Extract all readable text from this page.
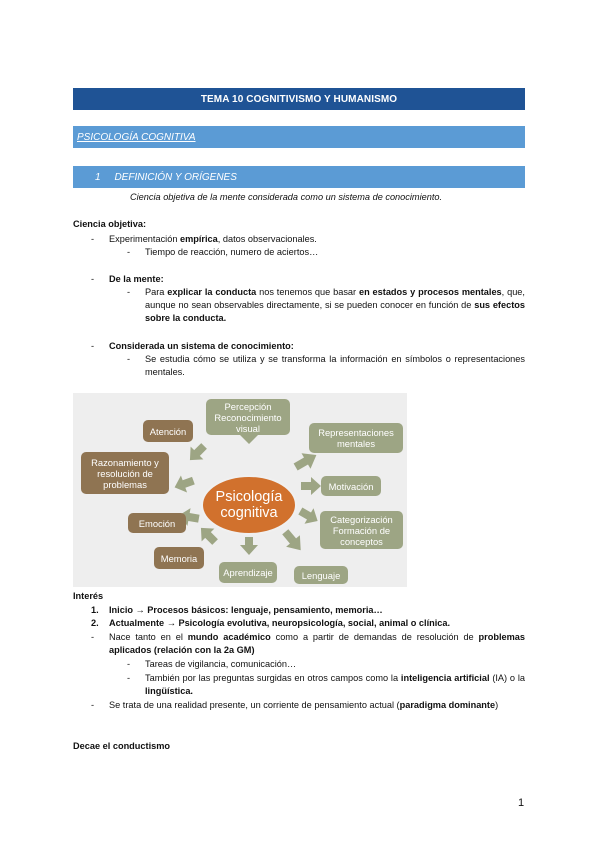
TEMA 10 COGNITIVISMO Y HUMANISMO
PSICOLOGÍA COGNITIVA
1     DEFINICIÓN Y ORÍGENES
Ciencia objetiva de la mente considerada como un sistema de conocimiento.
Ciencia objetiva:
- Experimentación empírica, datos observacionales.
- Tiempo de reacción, numero de aciertos…
- De la mente:
- Para explicar la conducta nos tenemos que basar en estados y procesos mentales, que, aunque no sean observables directamente, si se pueden conocer en función de sus efectos sobre la conducta.
- Considerada un sistema de conocimiento:
- Se estudia cómo se utiliza y se transforma la información en símbolos o representaciones mentales.
Psicología cognitiva
Percepción Reconocimiento visual
Atención	Representaciones mentales
Razonamiento y resolución de problemas	Motivación
Emoción	Categorización Formación de conceptos
Memoria
Aprendizaje	Lenguaje
Interés
1. Inicio → Procesos básicos: lenguaje, pensamiento, memoria…
2. Actualmente → Psicología evolutiva, neuropsicología, social, animal o clínica.
- Nace tanto en el mundo académico como a partir de demandas de resolución de problemas aplicados (relación con la 2a GM)
- Tareas de vigilancia, comunicación…
- También por las preguntas surgidas en otros campos como la inteligencia artificial (IA) o la lingüística.
- Se trata de una realidad presente, un corriente de pensamiento actual (paradigma dominante)
Decae el conductismo
1
